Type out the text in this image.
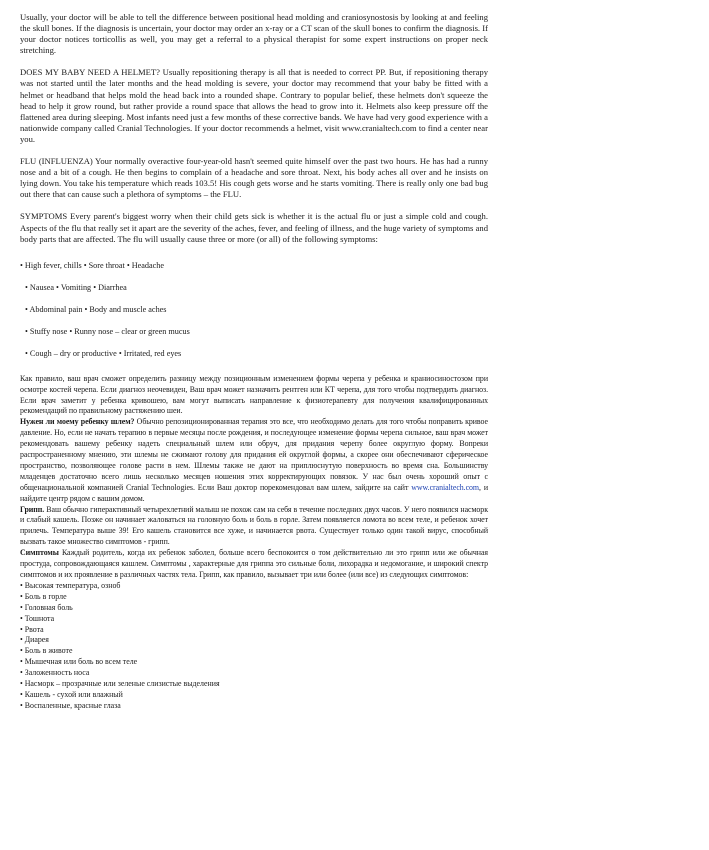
Usually, your doctor will be able to tell the difference between positional head molding and craniosynostosis by looking at and feeling the skull bones. If the diagnosis is uncertain, your doctor may order an x-ray or a CT scan of the skull bones to confirm the diagnosis. If your doctor notices torticollis as well, you may get a referral to a physical therapist for some expert instructions on proper neck stretching.

DOES MY BABY NEED A HELMET? Usually repositioning therapy is all that is needed to correct PP. But, if repositioning therapy was not started until the later months and the head molding is severe, your doctor may recommend that your baby be fitted with a helmet or headband that helps mold the head back into a rounded shape. Contrary to popular belief, these helmets don't squeeze the head to help it grow round, but rather provide a round space that allows the head to grow into it. Helmets also keep pressure off the flattened area during sleeping. Most infants need just a few months of these corrective bands. We have had very good experience with a nationwide company called Cranial Technologies. If your doctor recommends a helmet, visit www.cranialtech.com to find a center near you.

FLU (INFLUENZA) Your normally overactive four-year-old hasn't seemed quite himself over the past two hours. He has had a runny nose and a bit of a cough. He then begins to complain of a headache and sore throat. Next, his body aches all over and he insists on lying down. You take his temperature which reads 103.5! His cough gets worse and he starts vomiting. There is really only one bad bug out there that can cause such a plethora of symptoms – the FLU.

SYMPTOMS Every parent's biggest worry when their child gets sick is whether it is the actual flu or just a simple cold and cough. Aspects of the flu that really set it apart are the severity of the aches, fever, and feeling of illness, and the huge variety of symptoms and body parts that are affected. The flu will usually cause three or more (or all) of the following symptoms:

• High fever, chills • Sore throat • Headache

• Nausea • Vomiting • Diarrhea

• Abdominal pain • Body and muscle aches

• Stuffy nose • Runny nose – clear or green mucus

• Cough – dry or productive • Irritated, red eyes

Как правило, ваш врач сможет определить разницу между позиционным изменением формы черепа у ребенка и краниосиностозом при осмотре костей черепа. Если диагноз неочевиден, Ваш врач может назначить рентген или КТ черепа, для того чтобы подтвердить диагноз. Если врач заметит у ребенка кривошею, вам могут выписать направление к физиотерапевту для получения квалифицированных рекомендаций по правильному растяжению шеи.

Нужен ли моему ребенку шлем? Обычно репозиционированная терапия это все, что необходимо делать для того чтобы поправить кривое давление. Но, если не начать терапию в первые месяцы после рождения, и последующее изменение формы черепа сильное, ваш врач может рекомендовать вашему ребенку надеть специальный шлем или обруч, для придания черепу более округлую форму. Вопреки распространенному мнению, эти шлемы не сжимают голову для придания ей округлой формы, а скорее они обеспечивают сферическое пространство, позволяющее голове расти в нем. Шлемы также не дают на приплюснутую поверхность во время сна. Большинству младенцев достаточно всего лишь несколько месяцев ношения этих корректирующих повязок. У нас был очень хороший опыт с общенациональной компанией Cranial Technologies. Если Ваш доктор порекомендовал вам шлем, зайдите на сайт www.cranialtech.com, и найдите центр рядом с вашим домом.

Грипп. Ваш обычно гиперактивный четырехлетний малыш не похож сам на себя в течение последних двух часов. У него появился насморк и слабый кашель. Позже он начинает жаловаться на головную боль и боль в горле. Затем появляется ломота во всем теле, и ребенок хочет прилечь. Температура выше 39! Его кашель становится все хуже, и начинается рвота. Существует только один такой вирус, способный вызвать такое множество симптомов - грипп.

Симптомы Каждый родитель, когда их ребенок заболел, больше всего беспокоится о том действительно ли это грипп или же обычная простуда, сопровождающаяся кашлем. Симптомы , характерные для гриппа это сильные боли, лихорадка и недомогание, и широкий спектр симптомов и их проявление в различных частях тела. Грипп, как правило, вызывает три или более (или все) из следующих симптомов:

• Высокая температура, озноб
• Боль в горле
• Головная боль
• Тошнота
• Рвота
• Диарея
• Боль в животе
• Мышечная или боль во всем теле
• Заложенность носа
• Насморк – прозрачные или зеленые слизистые выделения
• Кашель - сухой или влажный
• Воспаленные, красные глаза
